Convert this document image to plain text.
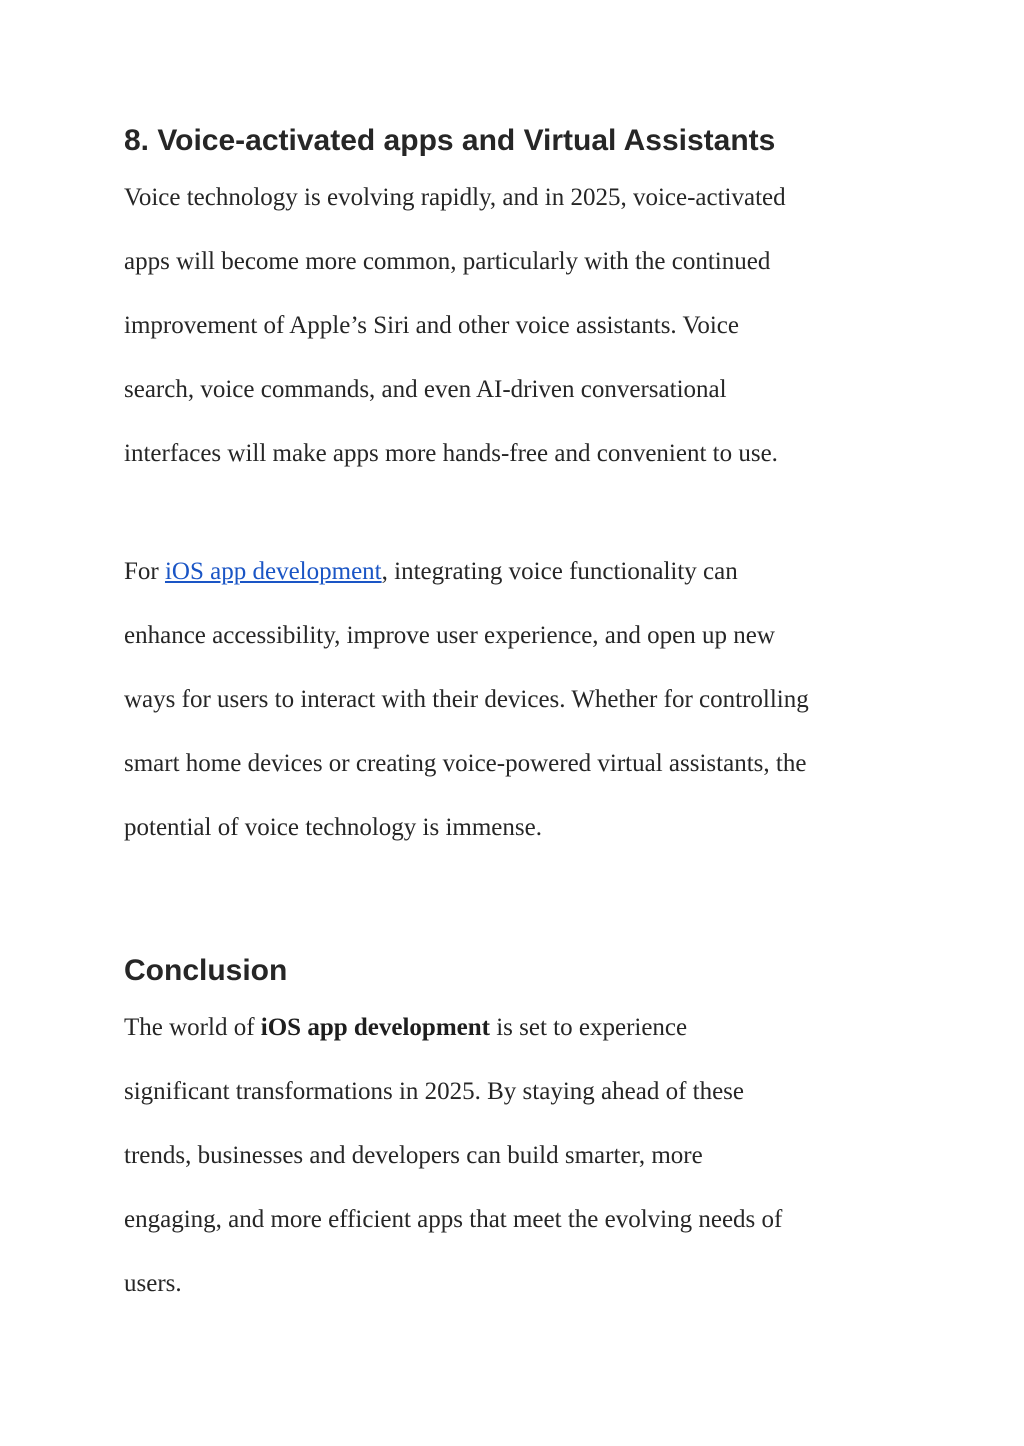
8. Voice-activated apps and Virtual Assistants

Voice technology is evolving rapidly, and in 2025, voice-activated
apps will become more common, particularly with the continued
improvement of Apple’s Siri and other voice assistants. Voice
search, voice commands, and even AI-driven conversational
interfaces will make apps more hands-free and convenient to use.

For iOS app development, integrating voice functionality can
enhance accessibility, improve user experience, and open up new
ways for users to interact with their devices. Whether for controlling
smart home devices or creating voice-powered virtual assistants, the
potential of voice technology is immense.

Conclusion

The world of iOS app development is set to experience
significant transformations in 2025. By staying ahead of these
trends, businesses and developers can build smarter, more
engaging, and more efficient apps that meet the evolving needs of
users.
